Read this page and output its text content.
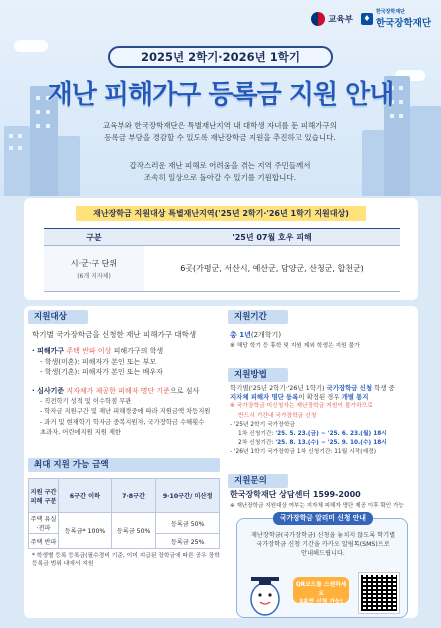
교육부	♦
한국장학재단
한국장학재단
2025년 2학기·2026년 1학기
재난 피해가구 등록금 지원 안내
교육부와 한국장학재단은 특별재난지역 내 대학생 자녀를 둔 피해가구의
등록금 부담을 경감할 수 있도록 재난장학금 지원을 추진하고 있습니다.
갑작스러운 재난 피해로 어려움을 겪는 지역 주민들께서
조속히 일상으로 돌아갈 수 있기를 기원합니다.
재난장학금 지원대상 특별재난지역('25년 2학기·'26년 1학기 지원대상)
구분	'25년 07월 호우 피해
시·군·구 단위
(6개 지자체)	6곳(가평군, 서산시, 예산군, 담양군, 산청군, 합천군)
지원대상
학기별 국가장학금을 신청한 재난 피해가구 대학생
· 피해가구 주택 반파 이상 피해가구의 학생
- 학생(미혼): 피해자가 본인 또는 부모
- 학생(기혼): 피해자가 본인 또는 배우자
· 심사기준 지자체가 제공한 피해자 명단 기준으로 심사
- 직전학기 성적 및 이수학점 무관
- 학자금 지원구간 및 재난 피해경중에 따라 지원금액 차등지원
- 과거 및 현재학기 학자금 중복지원자, 국가장학금 수혜횟수
초과자, 어린에지원 지원 제한
최대 지원 가능 금액
지원 구간
피해 구분	6구간 이하	7·8구간	9·10구간/ 미산정
주택 유실·전파	등록금* 100%	등록금 50%	등록금 50%
주택 반파			등록금 25%
* 학생별 등록 등록금(필수경비 기준, 이미 지급된 장학금에 따른 공우 장학 등록금 범위 내에서 지원
지원기간
총 1년(2개학기)
※ 해당 학기 등 휴학 및 지원 제외 학생은 지원 불가
지원방법
학기별('25년 2학기·'26년 1학기) 국가장학금 신청 학생 중
지자체 피해자 명단 등록이 확정된 경우 개별 통지
※ 국가장학금 미신청자는 재난장학금 지원이 불가하므로
반드시 기간내 국가장학금 신청
- '25년 2학기 국가장학금
1차 신청기간: '25. 5. 23.(금) ~ '25. 6. 23.(월) 18시
2차 신청기간: '25. 8. 13.(수) ~ '25. 9. 10.(수) 18시
- '26년 1학기 국가장학금 1차 신청기간: 11월 시작(예정)
지원문의
한국장학재단 상담센터 1599-2000
※ 재난장학금 지원대상 여부는 지자체 피해자 명단 제공 이후 확인 가능
국가장학금 알리미 신청 안내
재난장학금(국가장학금) 신청을 놓치지 않도록 학기별
국가장학금 신청 기간을 카카오 알림톡(SMS)으로
안내해드립니다.
QR코드를 스캔하세요
3초면 신청 가능!
